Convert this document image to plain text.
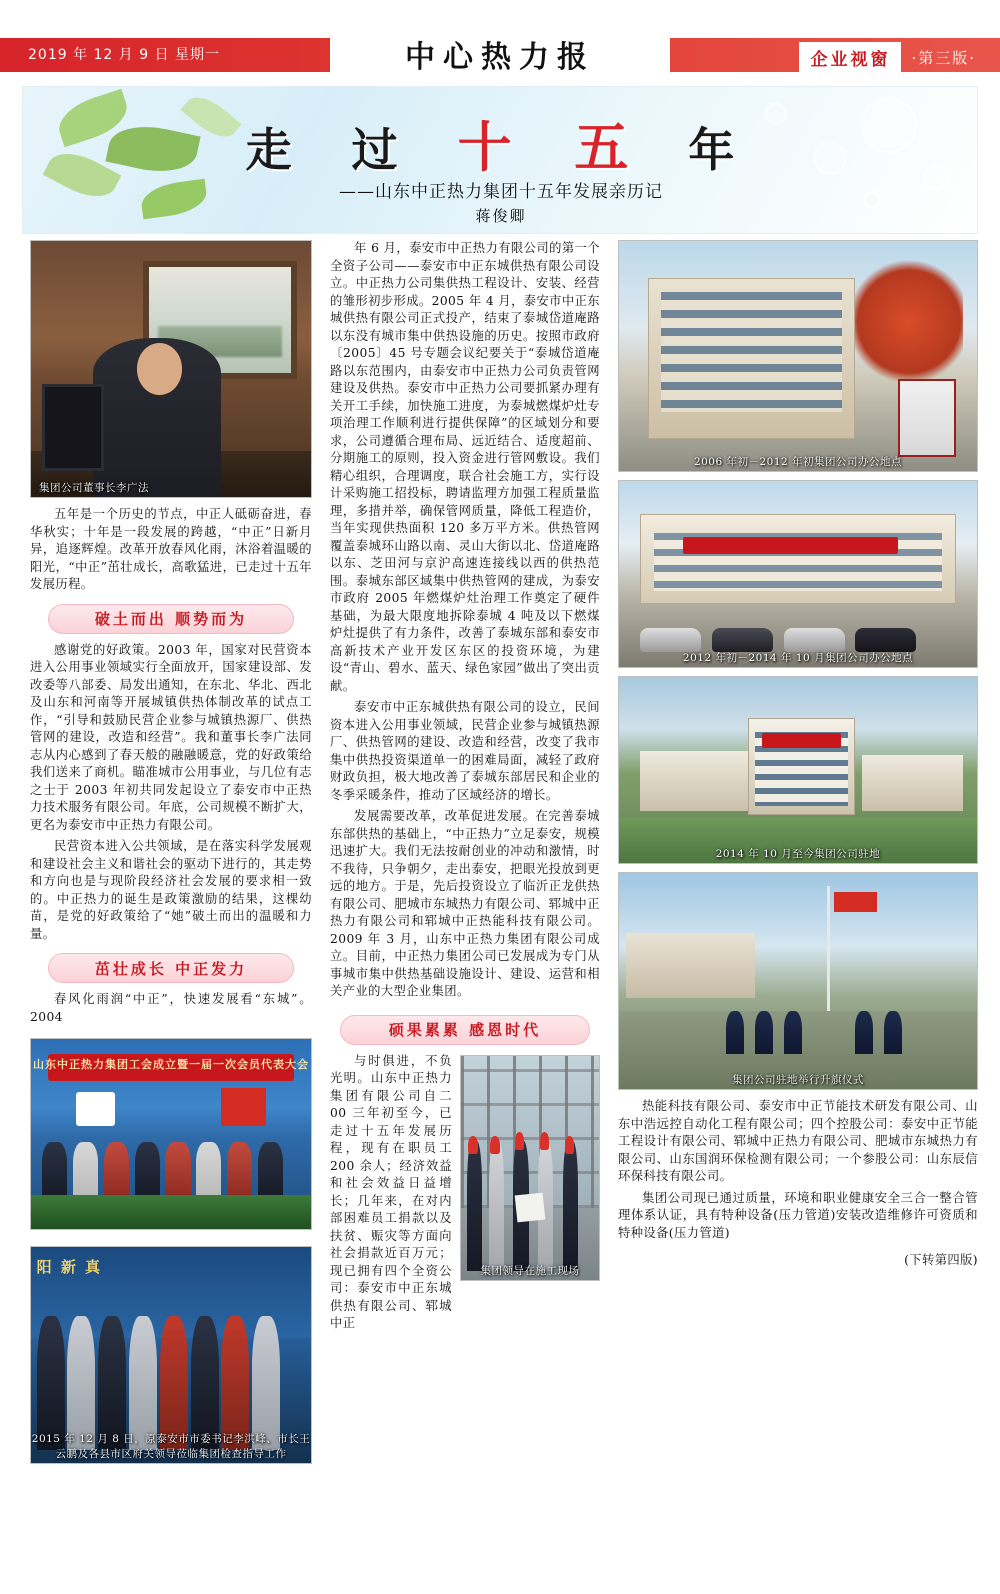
2019 年 12 月 9 日 星期一	中心热力报	企业视窗	·第三版·
走 过 十 五 年
——山东中正热力集团十五年发展亲历记
蒋俊卿
集团公司董事长李广法

五年是一个历史的节点，中正人砥砺奋进，春华秋实；十年是一段发展的跨越，“中正”日新月异，追逐辉煌。改革开放春风化雨，沐浴着温暖的阳光，“中正”茁壮成长，高歌猛进，已走过十五年发展历程。

破土而出 顺势而为

感谢党的好政策。2003 年，国家对民营资本进入公用事业领域实行全面放开，国家建设部、发改委等八部委、局发出通知，在东北、华北、西北及山东和河南等开展城镇供热体制改革的试点工作，“引导和鼓励民营企业参与城镇热源厂、供热管网的建设，改造和经营”。我和董事长李广法同志从内心感到了春天般的融融暖意，党的好政策给我们送来了商机。瞄准城市公用事业，与几位有志之士于 2003 年初共同发起设立了泰安市中正热力技术服务有限公司。年底，公司规模不断扩大，更名为泰安市中正热力有限公司。

民营资本进入公共领域，是在落实科学发展观和建设社会主义和谐社会的驱动下进行的，其走势和方向也是与现阶段经济社会发展的要求相一致的。中正热力的诞生是政策激励的结果，这棵幼苗，是党的好政策给了“她”破土而出的温暖和力量。

茁壮成长 中正发力

春风化雨润“中正”，快速发展看“东城”。2004

山东中正热力集团工会成立暨一届一次会员代表大会
阳 新 真
2015 年 12 月 8 日，原泰安市市委书记李洪峰、市长王云鹏及各县市区府关领导莅临集团检查指导工作

年 6 月，泰安市中正热力有限公司的第一个全资子公司——泰安市中正东城供热有限公司设立。中正热力公司集供热工程设计、安装、经营的雏形初步形成。2005 年 4 月，泰安市中正东城供热有限公司正式投产，结束了泰城岱道庵路以东没有城市集中供热设施的历史。按照市政府〔2005〕45 号专题会议纪要关于“泰城岱道庵路以东范围内，由泰安市中正热力公司负责管网建设及供热。泰安市中正热力公司要抓紧办理有关开工手续，加快施工进度，为泰城燃煤炉灶专项治理工作顺利进行提供保障”的区域划分和要求，公司遵循合理布局、远近结合、适度超前、分期施工的原则，投入资金进行管网敷设。我们精心组织，合理调度，联合社会施工方，实行设计采购施工招投标，聘请监理方加强工程质量监理，多措并举，确保管网质量，降低工程造价，当年实现供热面积 120 多万平方米。供热管网覆盖泰城环山路以南、灵山大街以北、岱道庵路以东、芝田河与京沪高速连接线以西的供热范围。泰城东部区域集中供热管网的建成，为泰安市政府 2005 年燃煤炉灶治理工作奠定了硬件基础，为最大限度地拆除泰城 4 吨及以下燃煤炉灶提供了有力条件，改善了泰城东部和泰安市高新技术产业开发区东区的投资环境，为建设“青山、碧水、蓝天、绿色家园”做出了突出贡献。

泰安市中正东城供热有限公司的设立，民间资本进入公用事业领域，民营企业参与城镇热源厂、供热管网的建设、改造和经营，改变了我市集中供热投资渠道单一的困难局面，减轻了政府财政负担，极大地改善了泰城东部居民和企业的冬季采暖条件，推动了区域经济的增长。

发展需要改革，改革促进发展。在完善泰城东部供热的基础上，“中正热力”立足泰安，规模迅速扩大。我们无法按耐创业的冲动和激情，时不我待，只争朝夕，走出泰安，把眼光投放到更远的地方。于是，先后投资设立了临沂正龙供热有限公司、肥城市东城热力有限公司、郓城中正热力有限公司和郓城中正热能科技有限公司。2009 年 3 月，山东中正热力集团有限公司成立。目前，中正热力集团公司已发展成为专门从事城市集中供热基础设施设计、建设、运营和相关产业的大型企业集团。

硕果累累 感恩时代

与时俱进，不负光明。山东中正热力集团有限公司自二 00 三年初至今，已走过十五年发展历程，现有在职员工 200 余人；经济效益和社会效益日益增长；几年来，在对内部困难员工捐款以及扶贫、赈灾等方面向社会捐款近百万元；现已拥有四个全资公司：泰安市中正东城供热有限公司、郓城中正

集团领导在施工现场
2006 年初－2012 年初集团公司办公地点
2012 年初－2014 年 10 月集团公司办公地点
2014 年 10 月至今集团公司驻地
集团公司驻地举行升旗仪式

热能科技有限公司、泰安市中正节能技术研发有限公司、山东中浩远控自动化工程有限公司；四个控股公司：泰安中正节能工程设计有限公司、郓城中正热力有限公司、肥城市东城热力有限公司、山东国润环保检测有限公司；一个参股公司：山东辰信环保科技有限公司。

集团公司现已通过质量，环境和职业健康安全三合一整合管理体系认证，具有特种设备(压力管道)安装改造维修许可资质和特种设备(压力管道)

(下转第四版)
